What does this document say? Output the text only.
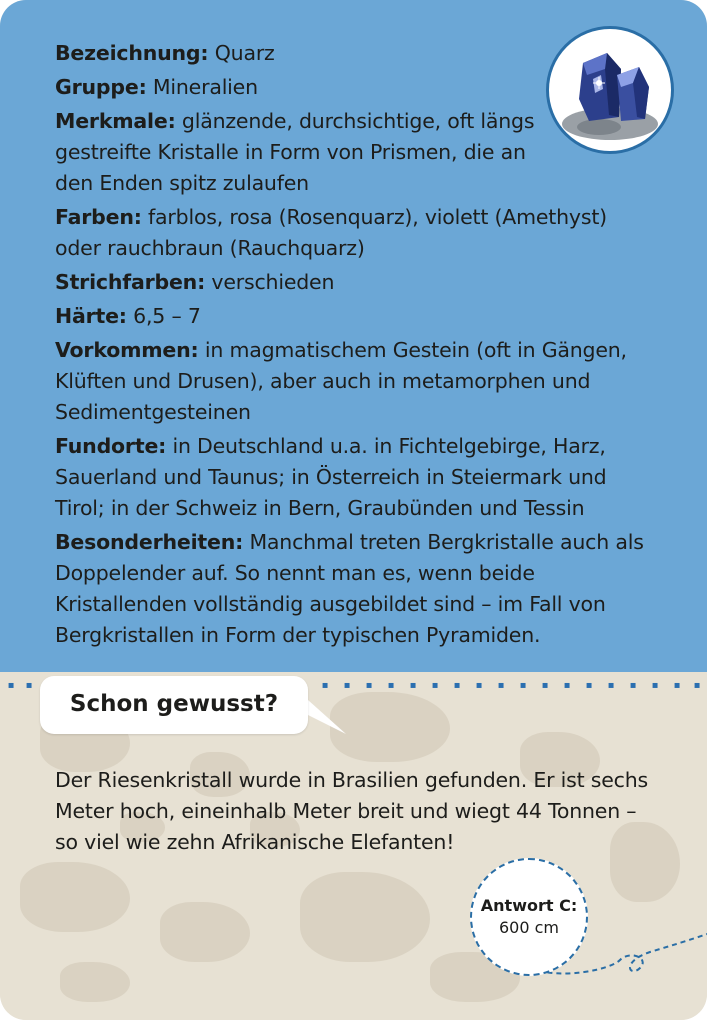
▪	▪	▪	▪	▪	▪	▪	▪	▪	▪	▪	▪	▪	▪	▪	▪	▪	▪	▪	▪
Bezeichnung: Quarz
Gruppe: Mineralien
Merkmale: glänzende, durchsichtige, oft längs gestreifte Kristalle in Form von Prismen, die an den Enden spitz zulaufen
Farben: farblos, rosa (Rosenquarz), violett (Amethyst) oder rauchbraun (Rauchquarz)
Strichfarben: verschieden
Härte: 6,5 – 7
Vorkommen: in magmatischem Gestein (oft in Gängen, Klüften und Drusen), aber auch in metamorphen und Sedimentgesteinen
Fundorte: in Deutschland u.a. in Fichtelgebirge, Harz, Sauerland und Taunus; in Österreich in Steiermark und Tirol; in der Schweiz in Bern, Graubünden und Tessin
Besonderheiten: Manchmal treten Bergkristalle auch als Doppelender auf. So nennt man es, wenn beide Kristallenden vollständig ausgebildet sind – im Fall von Bergkristallen in Form der typischen Pyramiden.
Schon gewusst?
Der Riesenkristall wurde in Brasilien gefunden. Er ist sechs Meter hoch, eineinhalb Meter breit und wiegt 44 Tonnen – so viel wie zehn Afrikanische Elefanten!
Antwort C:
600 cm
